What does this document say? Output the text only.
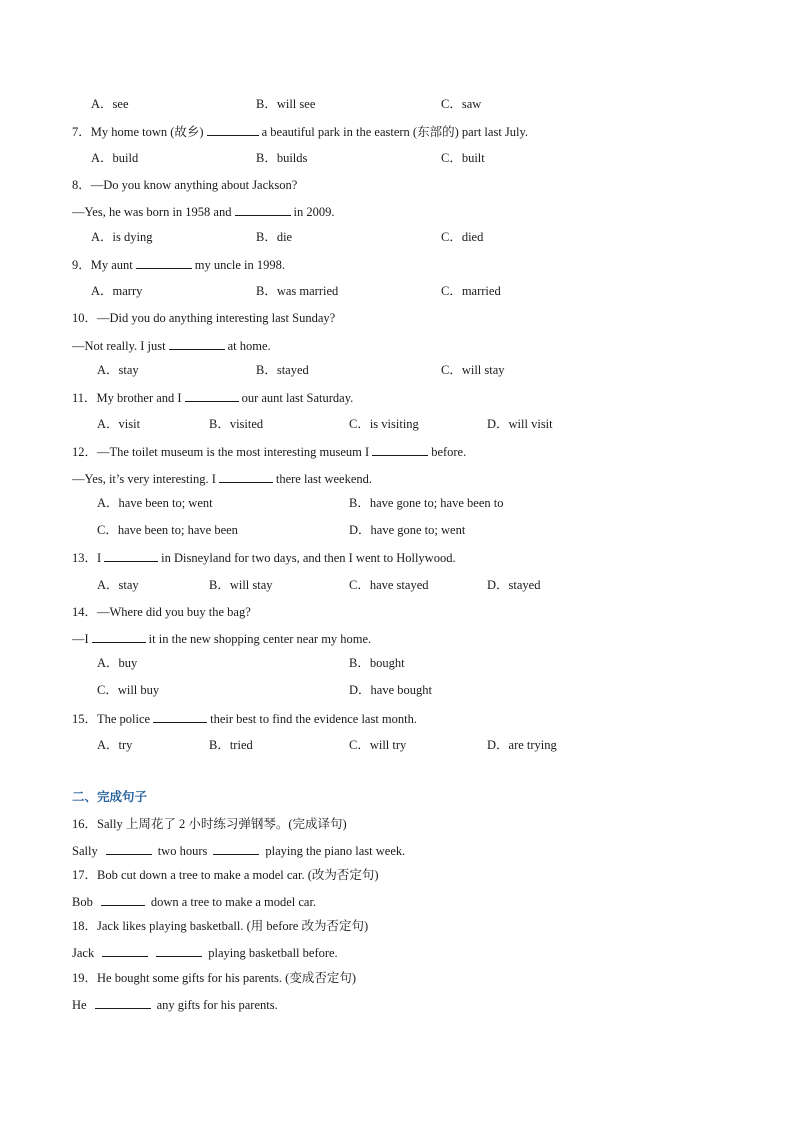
A．see	B．will see	C．saw
7．My home town (故乡)	a beautiful park in the eastern (东部的) part last July.
A．build	B．builds	C．built
8．—Do you know anything about Jackson?
—Yes, he was born in 1958 and	in 2009.
A．is dying	B．die	C．died
9．My aunt	my uncle in 1998.
A．marry	B．was married	C．married
10．—Did you do anything interesting last Sunday?
—Not really. I just	at home.
A．stay	B．stayed	C．will stay
11．My brother and I	our aunt last Saturday.
A．visit	B．visited	C．is visiting	D．will visit
12．—The toilet museum is the most interesting museum I	before.
—Yes, it’s very interesting. I	there last weekend.
A．have been to; went	B．have gone to; have been to
C．have been to; have been	D．have gone to; went
13．I	in Disneyland for two days, and then I went to Hollywood.
A．stay	B．will stay	C．have stayed	D．stayed
14．—Where did you buy the bag?
—I	it in the new shopping center near my home.
A．buy	B．bought
C．will buy	D．have bought
15．The police	their best to find the evidence last month.
A．try	B．tried	C．will try	D．are trying
二、完成句子
16．Sally 上周花了 2 小时练习弹钢琴。(完成译句)
Sally	two hours	playing the piano last week.
17．Bob cut down a tree to make a model car. (改为否定句)
Bob	down a tree to make a model car.
18．Jack likes playing basketball. (用 before 改为否定句)
Jack	playing basketball before.
19．He bought some gifts for his parents. (变成否定句)
He	any gifts for his parents.
